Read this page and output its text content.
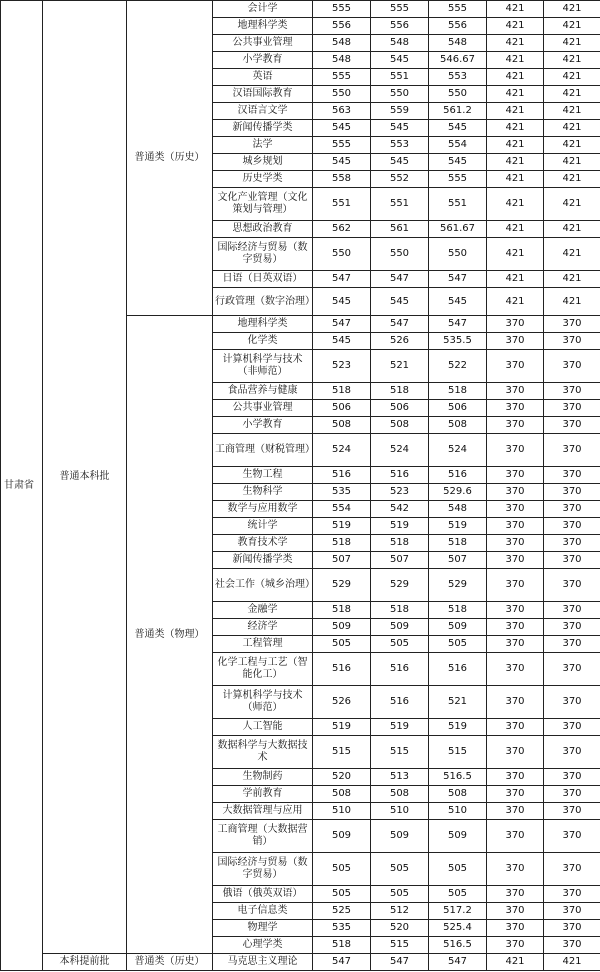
甘肃省	普通本科批	普通类（历史）	会计学	555	555	555	421	421
			地理科学类	556	556	556	421	421
			公共事业管理	548	548	548	421	421
			小学教育	548	545	546.67	421	421
			英语	555	551	553	421	421
			汉语国际教育	550	550	550	421	421
			汉语言文学	563	559	561.2	421	421
			新闻传播学类	545	545	545	421	421
			法学	555	553	554	421	421
			城乡规划	545	545	545	421	421
			历史学类	558	552	555	421	421
			文化产业管理（文化策划与管理）	551	551	551	421	421
			思想政治教育	562	561	561.67	421	421
			国际经济与贸易（数字贸易）	550	550	550	421	421
			日语（日英双语）	547	547	547	421	421
			行政管理（数字治理）	545	545	545	421	421
		普通类（物理）	地理科学类	547	547	547	370	370
			化学类	545	526	535.5	370	370
			计算机科学与技术（非师范）	523	521	522	370	370
			食品营养与健康	518	518	518	370	370
			公共事业管理	506	506	506	370	370
			小学教育	508	508	508	370	370
			工商管理（财税管理）	524	524	524	370	370
			生物工程	516	516	516	370	370
			生物科学	535	523	529.6	370	370
			数学与应用数学	554	542	548	370	370
			统计学	519	519	519	370	370
			教育技术学	518	518	518	370	370
			新闻传播学类	507	507	507	370	370
			社会工作（城乡治理）	529	529	529	370	370
			金融学	518	518	518	370	370
			经济学	509	509	509	370	370
			工程管理	505	505	505	370	370
			化学工程与工艺（智能化工）	516	516	516	370	370
			计算机科学与技术（师范）	526	516	521	370	370
			人工智能	519	519	519	370	370
			数据科学与大数据技术	515	515	515	370	370
			生物制药	520	513	516.5	370	370
			学前教育	508	508	508	370	370
			大数据管理与应用	510	510	510	370	370
			工商管理（大数据营销）	509	509	509	370	370
			国际经济与贸易（数字贸易）	505	505	505	370	370
			俄语（俄英双语）	505	505	505	370	370
			电子信息类	525	512	517.2	370	370
			物理学	535	520	525.4	370	370
			心理学类	518	515	516.5	370	370
	本科提前批	普通类（历史）	马克思主义理论	547	547	547	421	421
